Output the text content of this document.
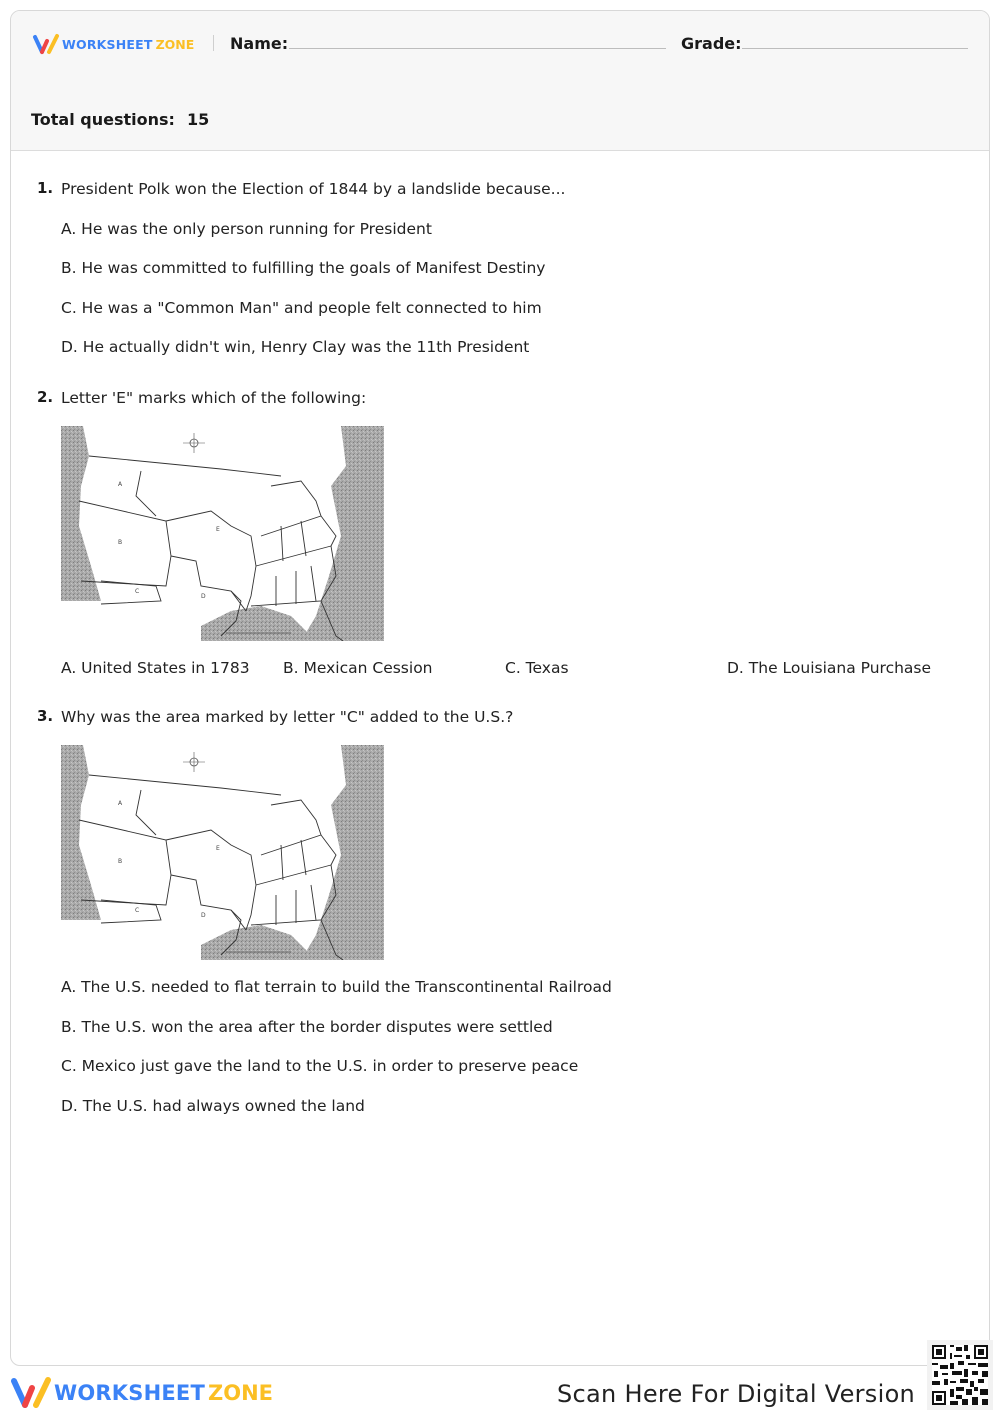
WORKSHEET ZONE Name:	Grade:
Total questions: 15
1. President Polk won the Election of 1844 by a landslide because...
A. He was the only person running for President
B. He was committed to fulfilling the goals of Manifest Destiny
C. He was a "Common Man" and people felt connected to him
D. He actually didn't win, Henry Clay was the 11th President
2. Letter 'E" marks which of the following:
A
B
C
D
E
A. United States in 1783 B. Mexican Cession	C. Texas	D. The Louisiana Purchase
3. Why was the area marked by letter "C" added to the U.S.?
A
B
C
D
E
A. The U.S. needed to flat terrain to build the Transcontinental Railroad
B. The U.S. won the area after the border disputes were settled
C. Mexico just gave the land to the U.S. in order to preserve peace
D. The U.S. had always owned the land
WORKSHEET ZONE	Scan Here For Digital Version
